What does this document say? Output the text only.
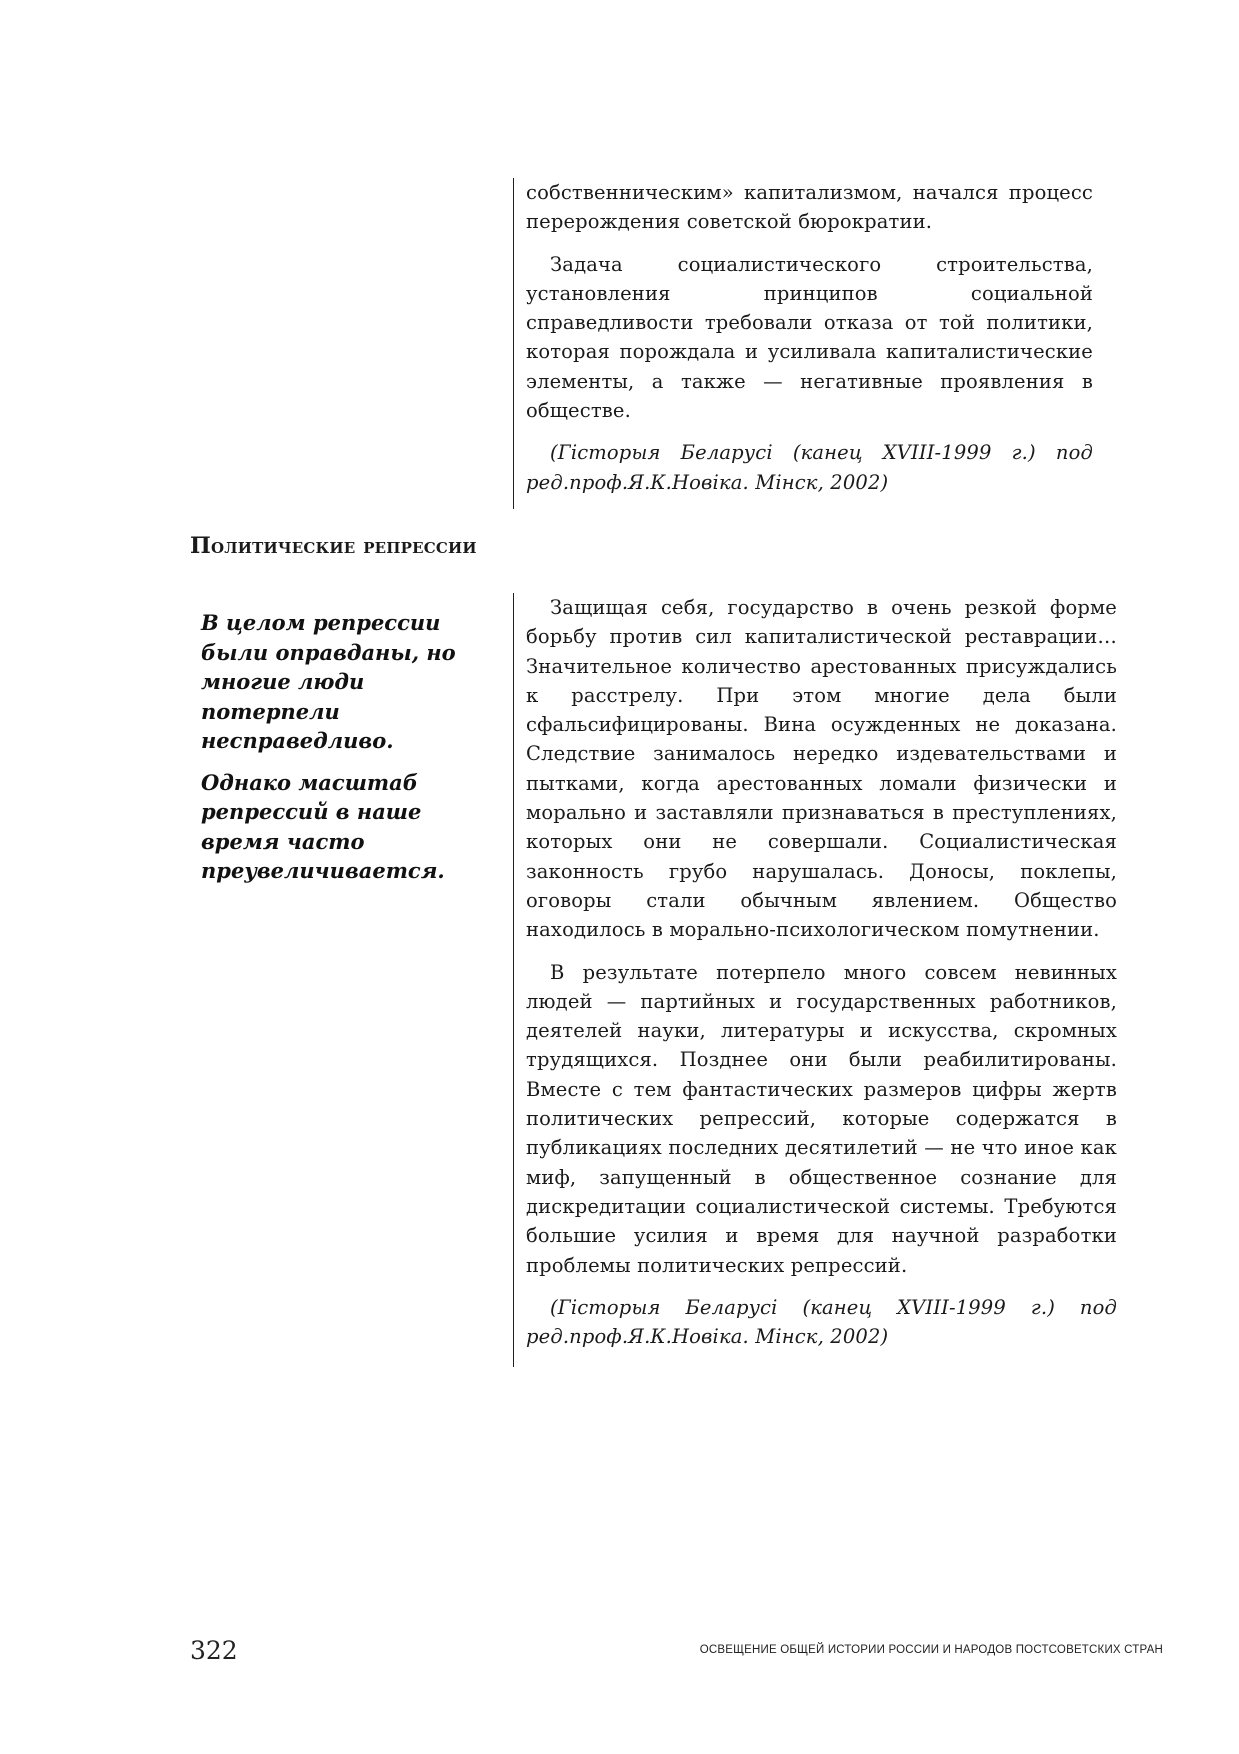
собственническим» капитализмом, начался процесс перерождения советской бюрократии.

Задача социалистического строительства, установления принципов социальной справедливости требовали отказа от той политики, которая порождала и усиливала капиталистические элементы, а также — негативные проявления в обществе.

(Гісторыя Беларусі (канец XVIII-1999 г.) под ред.проф.Я.К.Новіка. Мінск, 2002)

Политические репрессии

В целом репрессии были оправданы, но многие люди потерпели несправедливо.

Однако масштаб репрессий в наше время часто преувеличивается.

Защищая себя, государство в очень резкой форме борьбу против сил капиталистической реставрации… Значительное количество арестованных присуждались к расстрелу. При этом многие дела были сфальсифицированы. Вина осужденных не доказана. Следствие занималось нередко издевательствами и пытками, когда арестованных ломали физически и морально и заставляли признаваться в преступлениях, которых они не совершали. Социалистическая законность грубо нарушалась. Доносы, поклепы, оговоры стали обычным явлением. Общество находилось в морально-психологическом помутнении.

В результате потерпело много совсем невинных людей — партийных и государственных работников, деятелей науки, литературы и искусства, скромных трудящихся. Позднее они были реабилитированы. Вместе с тем фантастических размеров цифры жертв политических репрессий, которые содержатся в публикациях последних десятилетий — не что иное как миф, запущенный в общественное сознание для дискредитации социалистической системы. Требуются большие усилия и время для научной разработки проблемы политических репрессий.

(Гісторыя Беларусі (канец XVIII-1999 г.) под ред.проф.Я.К.Новіка. Мінск, 2002)

322	ОСВЕЩЕНИЕ ОБЩЕЙ ИСТОРИИ РОССИИ И НАРОДОВ ПОСТСОВЕТСКИХ СТРАН
